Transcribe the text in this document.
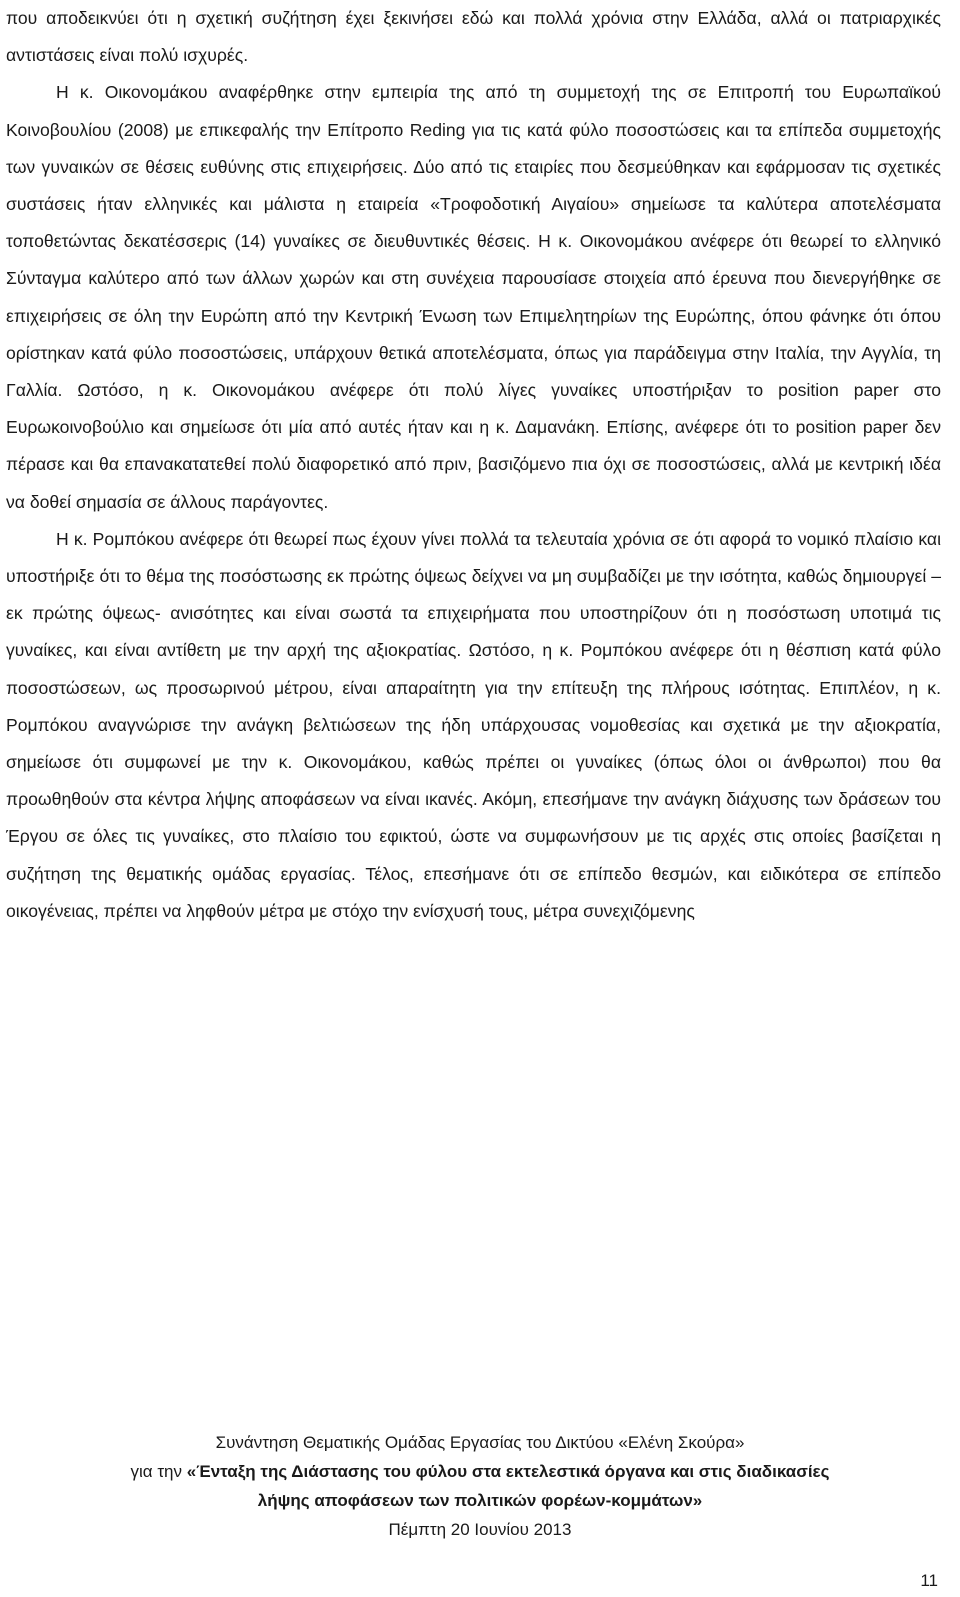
που αποδεικνύει ότι η σχετική συζήτηση έχει ξεκινήσει εδώ και πολλά χρόνια στην Ελλάδα, αλλά οι πατριαρχικές αντιστάσεις είναι πολύ ισχυρές.

Η κ. Οικονομάκου αναφέρθηκε στην εμπειρία της από τη συμμετοχή της σε Επιτροπή του Ευρωπαϊκού Κοινοβουλίου (2008) με επικεφαλής την Επίτροπο Reding για τις κατά φύλο ποσοστώσεις και τα επίπεδα συμμετοχής των γυναικών σε θέσεις ευθύνης στις επιχειρήσεις. Δύο από τις εταιρίες που δεσμεύθηκαν και εφάρμοσαν τις σχετικές συστάσεις ήταν ελληνικές και μάλιστα η εταιρεία «Τροφοδοτική Αιγαίου» σημείωσε τα καλύτερα αποτελέσματα τοποθετώντας δεκατέσσερις (14) γυναίκες σε διευθυντικές θέσεις. Η κ. Οικονομάκου ανέφερε ότι θεωρεί το ελληνικό Σύνταγμα καλύτερο από των άλλων χωρών και στη συνέχεια παρουσίασε στοιχεία από έρευνα που διενεργήθηκε σε επιχειρήσεις σε όλη την Ευρώπη από την Κεντρική Ένωση των Επιμελητηρίων της Ευρώπης, όπου φάνηκε ότι όπου ορίστηκαν κατά φύλο ποσοστώσεις, υπάρχουν θετικά αποτελέσματα, όπως για παράδειγμα στην Ιταλία, την Αγγλία, τη Γαλλία. Ωστόσο, η κ. Οικονομάκου ανέφερε ότι πολύ λίγες γυναίκες υποστήριξαν το position paper στο Ευρωκοινοβούλιο και σημείωσε ότι μία από αυτές ήταν και η κ. Δαμανάκη. Επίσης, ανέφερε ότι το position paper δεν πέρασε και θα επανακατατεθεί πολύ διαφορετικό από πριν, βασιζόμενο πια όχι σε ποσοστώσεις, αλλά με κεντρική ιδέα να δοθεί σημασία σε άλλους παράγοντες.

Η κ. Ρομπόκου ανέφερε ότι θεωρεί πως έχουν γίνει πολλά τα τελευταία χρόνια σε ότι αφορά το νομικό πλαίσιο και υποστήριξε ότι το θέμα της ποσόστωσης εκ πρώτης όψεως δείχνει να μη συμβαδίζει με την ισότητα, καθώς δημιουργεί –εκ πρώτης όψεως- ανισότητες και είναι σωστά τα επιχειρήματα που υποστηρίζουν ότι η ποσόστωση υποτιμά τις γυναίκες, και είναι αντίθετη με την αρχή της αξιοκρατίας. Ωστόσο, η κ. Ρομπόκου ανέφερε ότι η θέσπιση κατά φύλο ποσοστώσεων, ως προσωρινού μέτρου, είναι απαραίτητη για την επίτευξη της πλήρους ισότητας. Επιπλέον, η κ. Ρομπόκου αναγνώρισε την ανάγκη βελτιώσεων της ήδη υπάρχουσας νομοθεσίας και σχετικά με την αξιοκρατία, σημείωσε ότι συμφωνεί με την κ. Οικονομάκου, καθώς πρέπει οι γυναίκες (όπως όλοι οι άνθρωποι) που θα προωθηθούν στα κέντρα λήψης αποφάσεων να είναι ικανές. Ακόμη, επεσήμανε την ανάγκη διάχυσης των δράσεων του Έργου σε όλες τις γυναίκες, στο πλαίσιο του εφικτού, ώστε να συμφωνήσουν με τις αρχές στις οποίες βασίζεται η συζήτηση της θεματικής ομάδας εργασίας. Τέλος, επεσήμανε ότι σε επίπεδο θεσμών, και ειδικότερα σε επίπεδο οικογένειας, πρέπει να ληφθούν μέτρα με στόχο την ενίσχυσή τους, μέτρα συνεχιζόμενης

Συνάντηση Θεματικής Ομάδας Εργασίας του Δικτύου «Ελένη Σκούρα»
για την «Ένταξη της Διάστασης του φύλου στα εκτελεστικά όργανα και στις διαδικασίες
λήψης αποφάσεων των πολιτικών φορέων-κομμάτων»
Πέμπτη 20 Ιουνίου 2013
11
